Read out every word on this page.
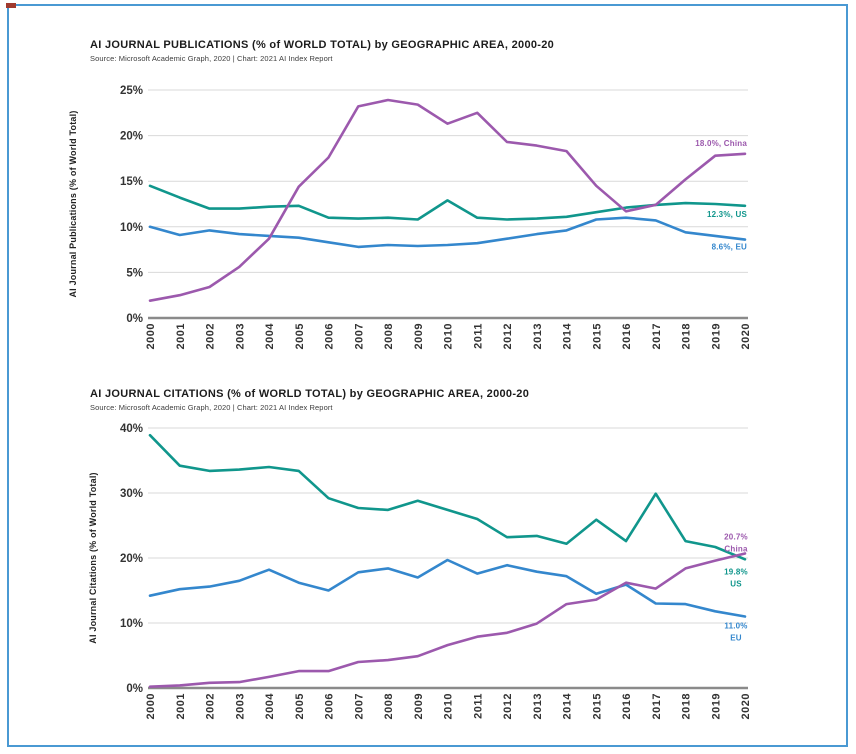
AI JOURNAL PUBLICATIONS (% of WORLD TOTAL) by GEOGRAPHIC AREA, 2000-20
Source: Microsoft Academic Graph, 2020 | Chart: 2021 AI Index Report
0%
5%
10%
15%
20%
25%
2000 2001 2002 2003 2004 2005 2006 2007 2008 2009 2010 2011 2012 2013 2014 2015 2016 2017 2018 2019 2020
AI Journal Publications (% of World Total)	8.6%, EU
12.3%, US
18.0%, China
AI JOURNAL CITATIONS (% of WORLD TOTAL) by GEOGRAPHIC AREA, 2000-20
Source: Microsoft Academic Graph, 2020 | Chart: 2021 AI Index Report
0%
10%
20%
30%
40%
2000 2001 2002 2003 2004 2005 2006 2007 2008 2009 2010 2011 2012 2013 2014 2015 2016 2017 2018 2019 2020
AI Journal Citations (% of World Total)	11.0%
EU
19.8%
US
20.7%
China
